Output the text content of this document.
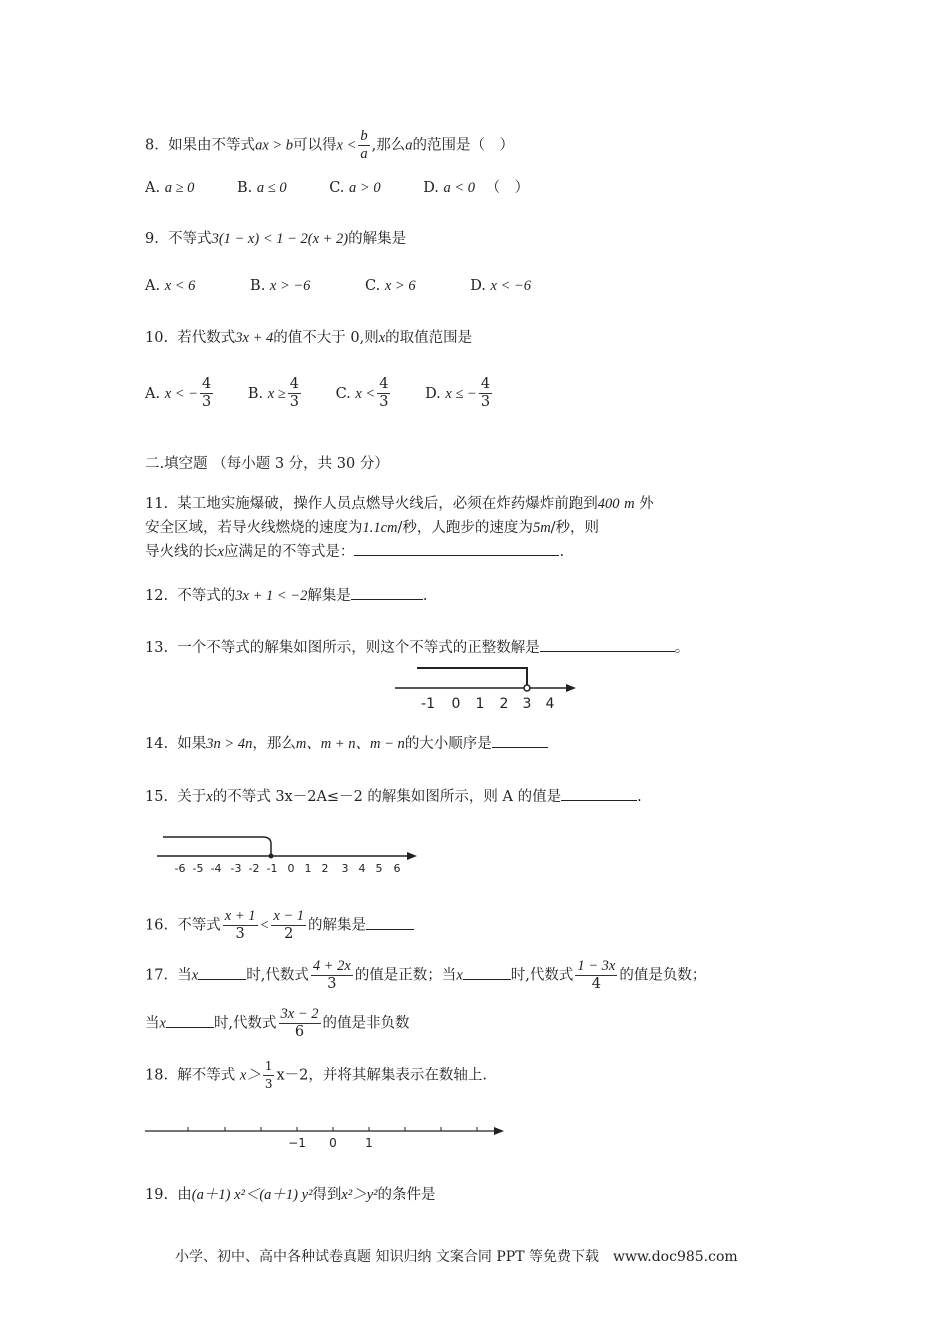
8. 如果由不等式ax > b可以得$x < \frac{b}{a}$ ,那么a的范围是（　）
A. a ≥ 0	B. a ≤ 0	C. a > 0	D. a < 0 （　）
9. 不等式3(1 − x) < 1 − 2(x + 2)的解集是
A. x < 6	B. x > −6	C. x > 6	D. x < −6
10. 若代数式3x + 4的值不大于 0,则x的取值范围是
A. x < − $\frac{4}{3} B$. $x \ge \frac{4}{3} C$. $x < \frac{4}{3} D$. x ≤ − $\frac{4}{3}$
二.填空题 （每小题 3 分，共 30 分）
11. 某工地实施爆破，操作人员点燃导火线后，必须在炸药爆炸前跑到400 m 外
安全区域，若导火线燃烧的速度为1.1cm/秒，人跑步的速度为5m/秒，则
导火线的长x应满足的不等式是：	.
12. 不等式的3x + 1 < −2解集是	.
13. 一个不等式的解集如图所示，则这个不等式的正整数解是	。
-1 0 1 2 3 4
14. 如果3n > 4n，那么m、m + n、m − n的大小顺序是
15. 关于x的不等式 3x－2A≤－2 的解集如图所示，则 A 的值是	.
-6 -5 -4 -3 -2 -1 0 1 2 3 4 5 6
16. 不等式 $\frac{x + 1}{3} < \frac{x - 1}{2}$ 的解集是
17. 当x	时,代数式 $\frac{4 + 2x}{3}$ 的值是正数；当x	时,代数式 $\frac{1 - 3x}{4}$ 的值是负数；
当x	时,代数式 $\frac{3x - 2}{6}$ 的值是非负数
18. 解不等式 $x> \frac{1}{3} x-2$，并将其解集表示在数轴上.
−1 0 1
19. 由(a＋1) x²＜(a＋1) y²得到x²＞y²的条件是
小学、初中、高中各种试卷真题 知识归纳 文案合同 PPT 等免费下载　www.doc985.com
